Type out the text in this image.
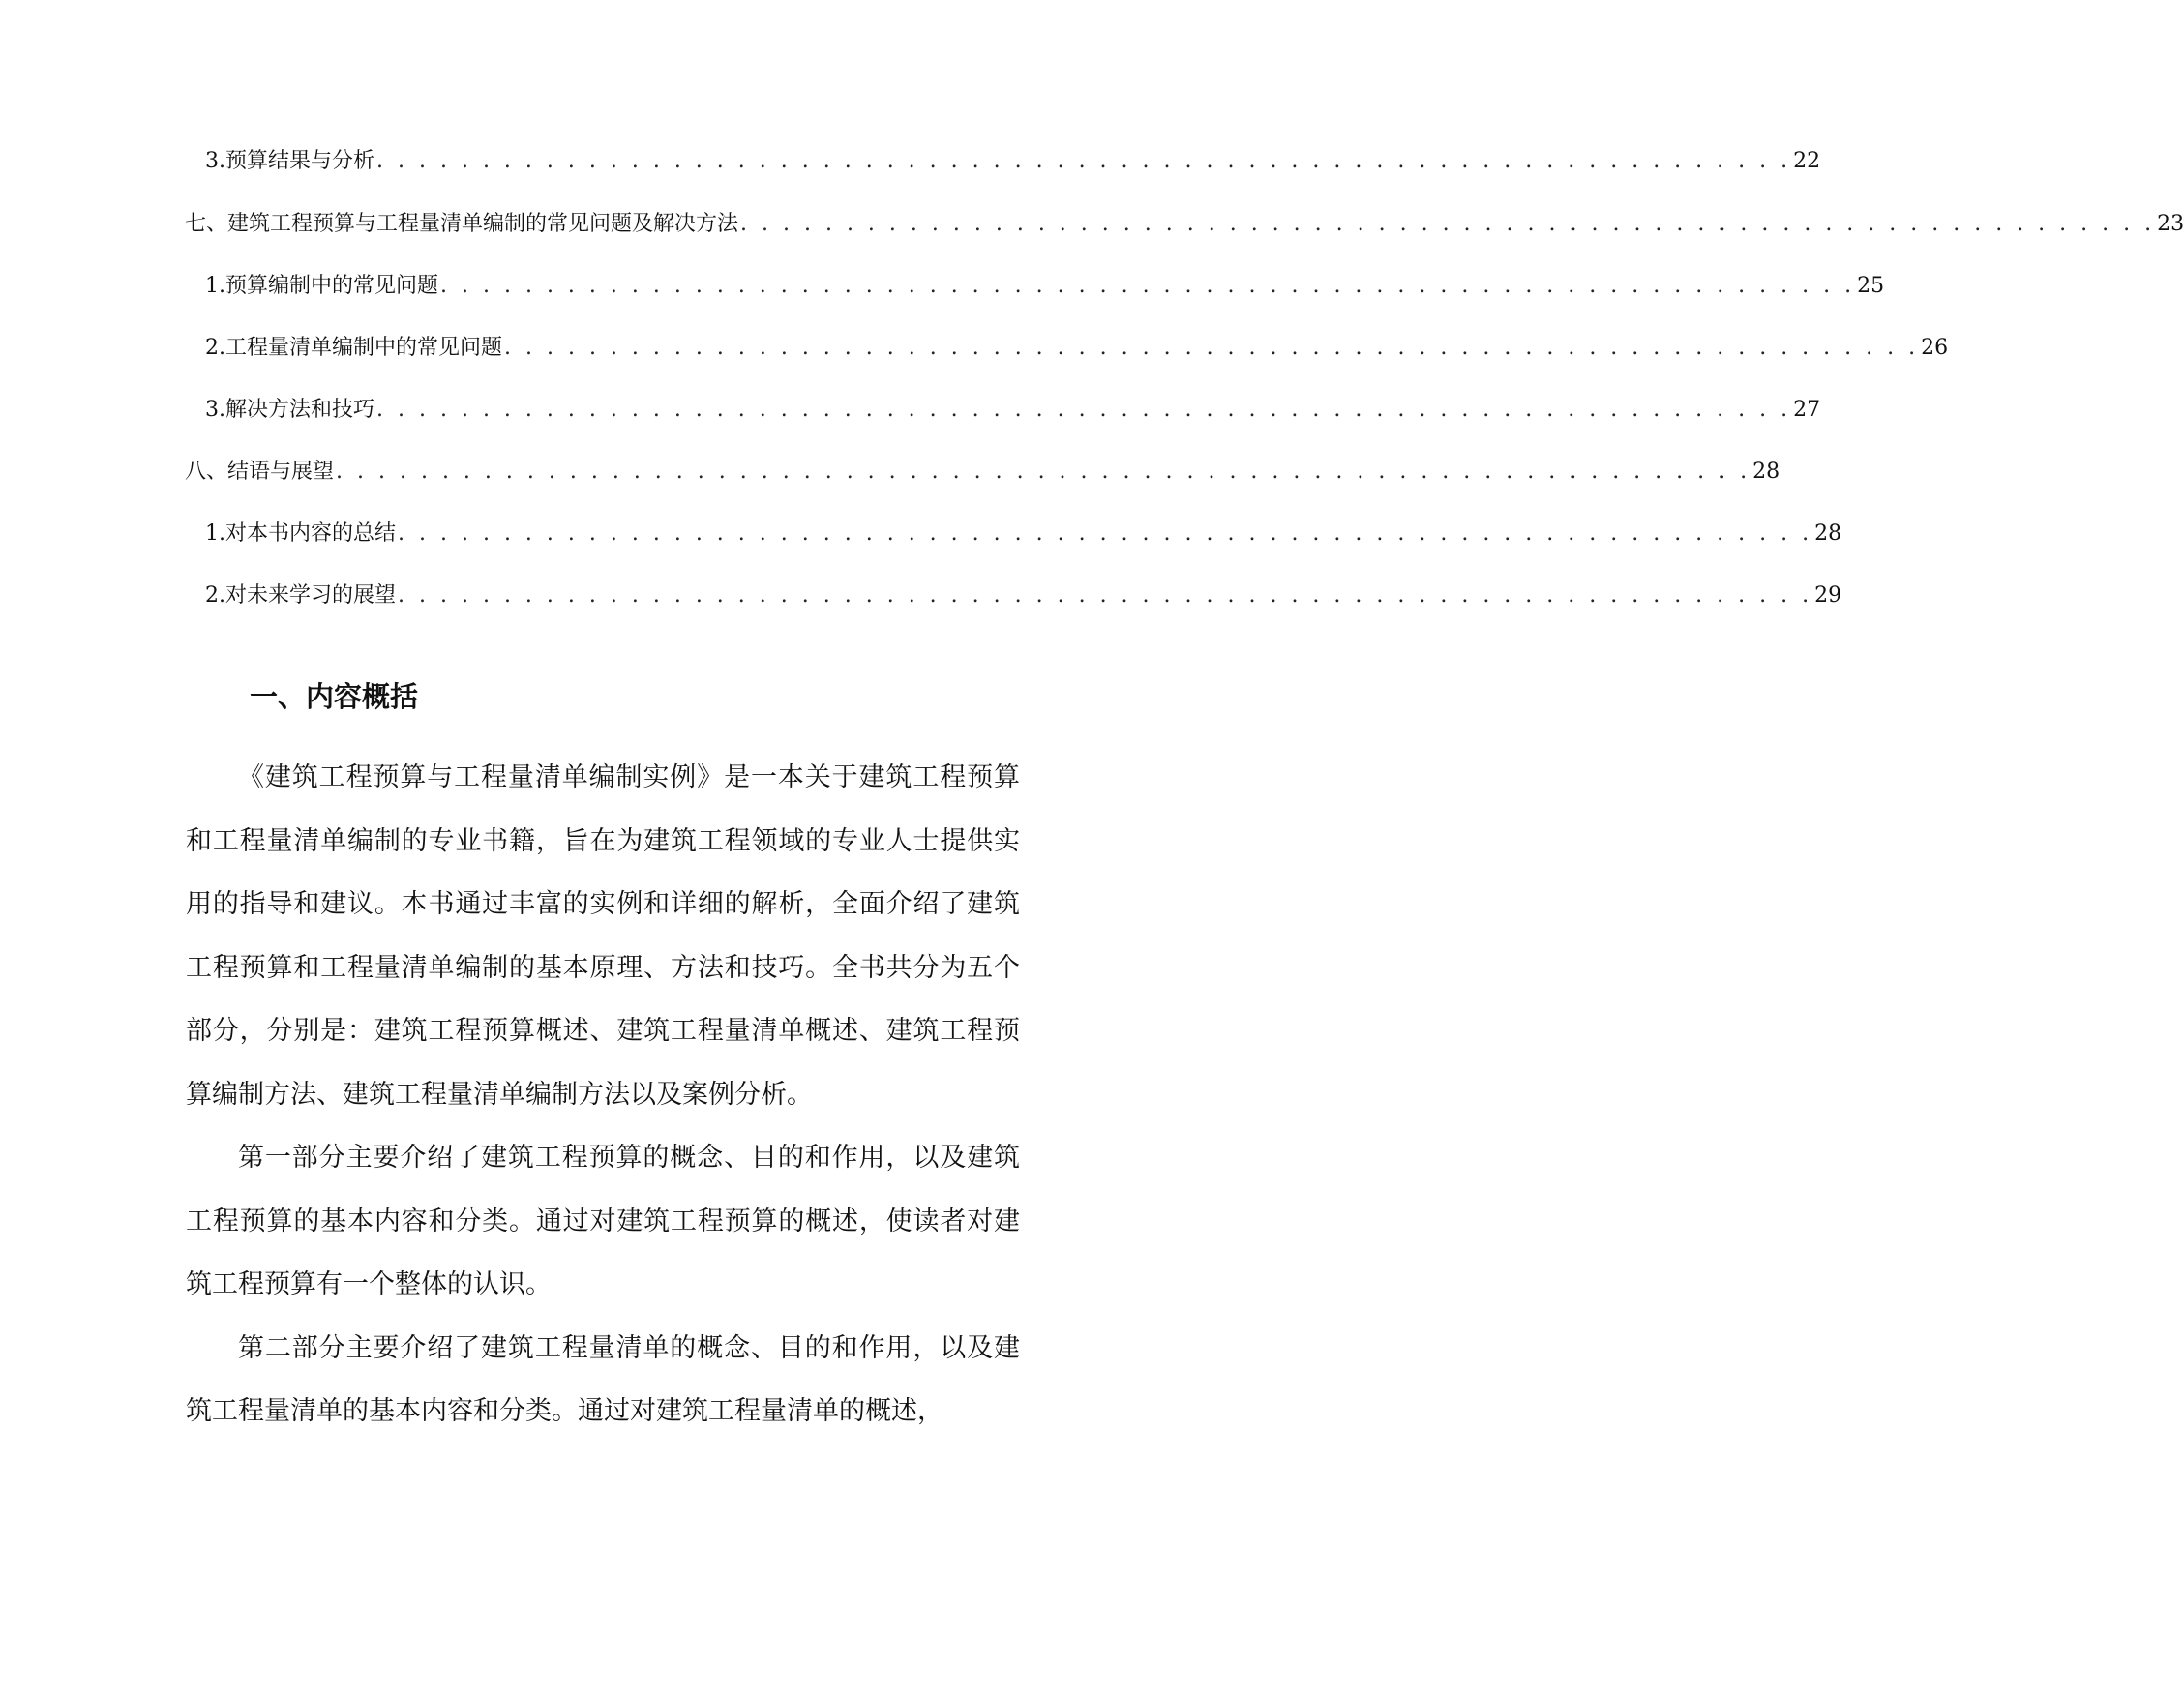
3. 预算结果与分析 . . . . . . . . . . . . . . . . . . . . . . . . . . . . . . . . . . . . . . . . . . . . . . . . . . . . . . . . . . . . . . . . . . . 22
七、建筑工程预算与工程量清单编制的常见问题及解决方法 . . . . . . . . . . . . . . . . . . . . . . . . . . . . . . . . . . . . . . . . . . . . . . . . . . . . . . . . . . . . . . . . . . . 23
1. 预算编制中的常见问题 . . . . . . . . . . . . . . . . . . . . . . . . . . . . . . . . . . . . . . . . . . . . . . . . . . . . . . . . . . . . . . . . . . . 25
2. 工程量清单编制中的常见问题 . . . . . . . . . . . . . . . . . . . . . . . . . . . . . . . . . . . . . . . . . . . . . . . . . . . . . . . . . . . . . . . . . . . 26
3. 解决方法和技巧 . . . . . . . . . . . . . . . . . . . . . . . . . . . . . . . . . . . . . . . . . . . . . . . . . . . . . . . . . . . . . . . . . . . 27
八、结语与展望 . . . . . . . . . . . . . . . . . . . . . . . . . . . . . . . . . . . . . . . . . . . . . . . . . . . . . . . . . . . . . . . . . . . 28
1. 对本书内容的总结 . . . . . . . . . . . . . . . . . . . . . . . . . . . . . . . . . . . . . . . . . . . . . . . . . . . . . . . . . . . . . . . . . . . 28
2. 对未来学习的展望 . . . . . . . . . . . . . . . . . . . . . . . . . . . . . . . . . . . . . . . . . . . . . . . . . . . . . . . . . . . . . . . . . . . 29
一、内容概括

《建筑工程预算与工程量清单编制实例》是一本关于建筑工程预算和工程量清单编制的专业书籍，旨在为建筑工程领域的专业人士提供实用的指导和建议。本书通过丰富的实例和详细的解析，全面介绍了建筑工程预算和工程量清单编制的基本原理、方法和技巧。全书共分为五个部分，分别是：建筑工程预算概述、建筑工程量清单概述、建筑工程预算编制方法、建筑工程量清单编制方法以及案例分析。

第一部分主要介绍了建筑工程预算的概念、目的和作用，以及建筑工程预算的基本内容和分类。通过对建筑工程预算的概述，使读者对建筑工程预算有一个整体的认识。

第二部分主要介绍了建筑工程量清单的概念、目的和作用，以及建筑工程量清单的基本内容和分类。通过对建筑工程量清单的概述，
